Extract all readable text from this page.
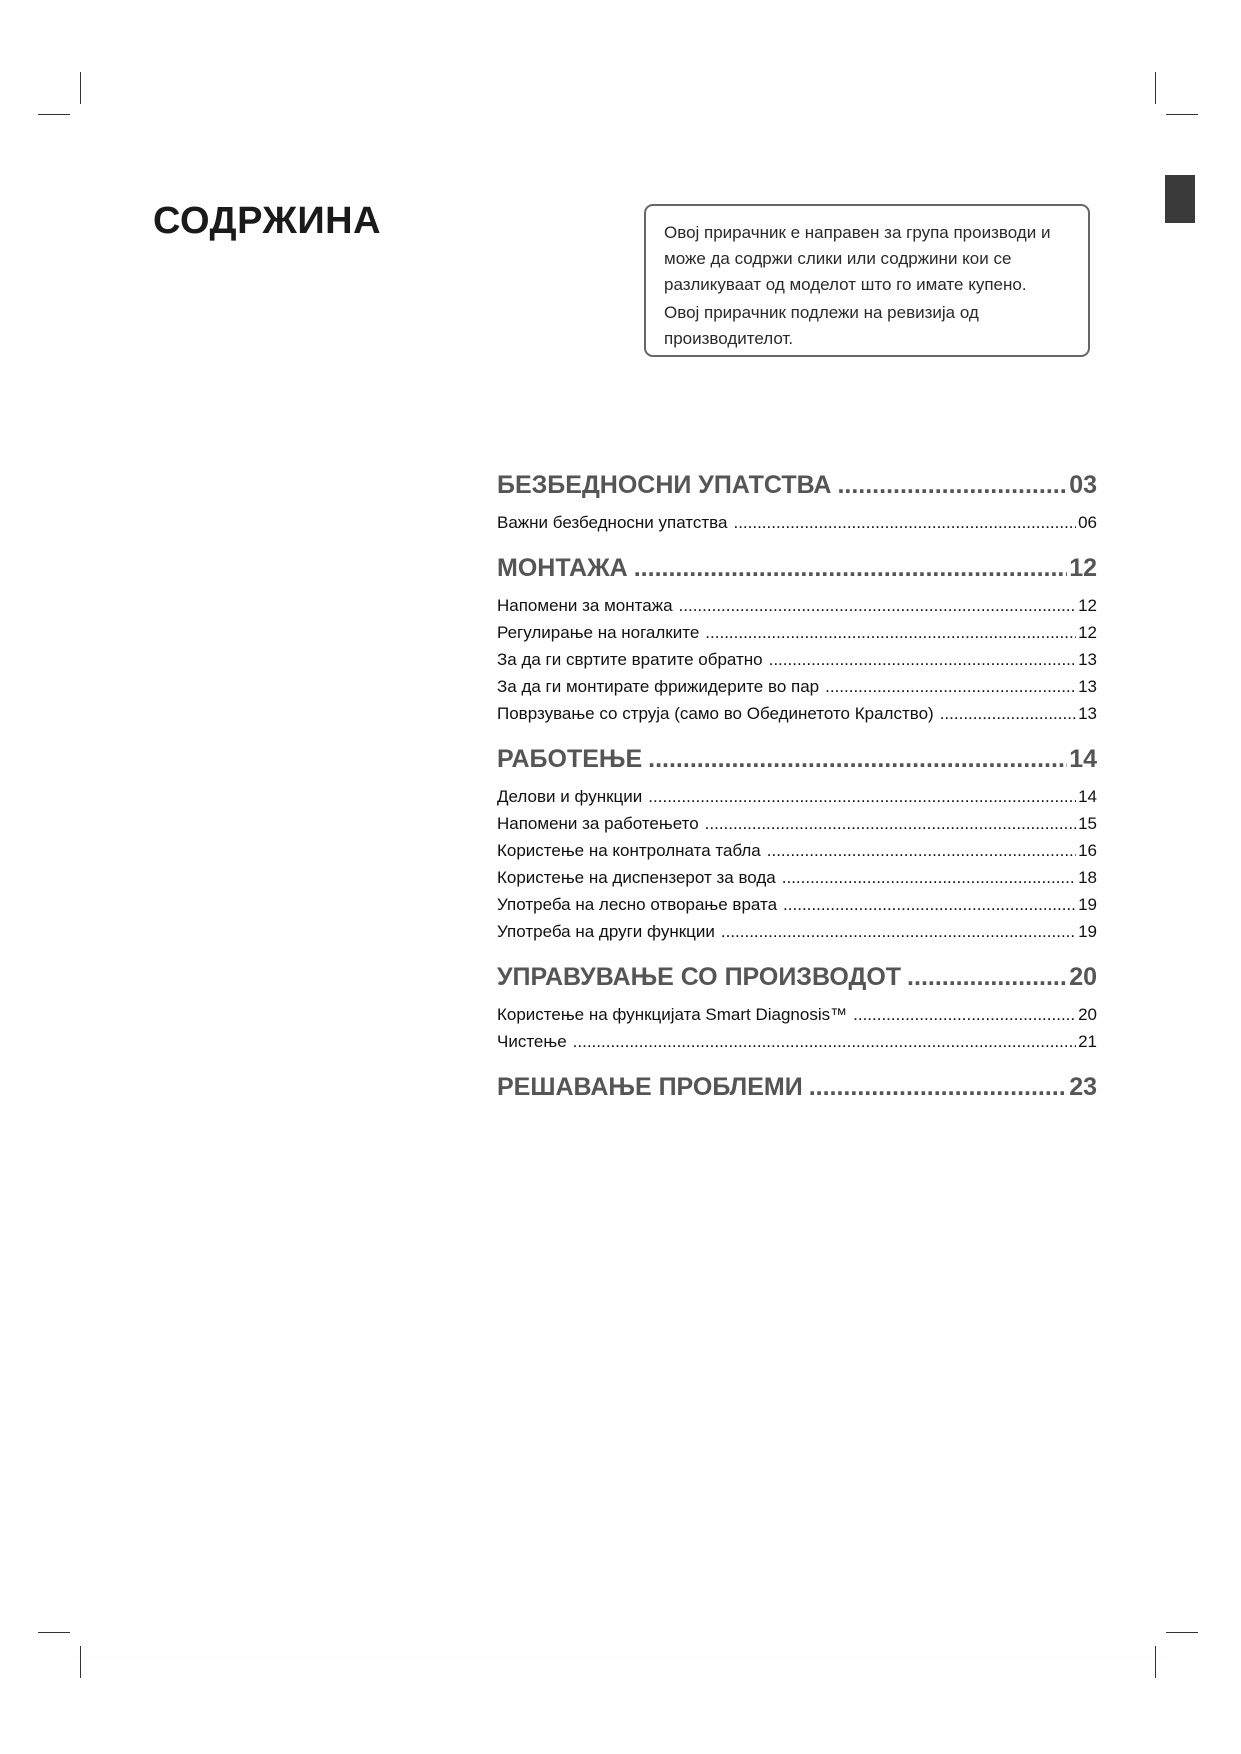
СОДРЖИНА	Овој прирачник е направен за група производи и може да содржи слики или содржини кои се разликуваат од моделот што го имате купено.

Овој прирачник подлежи на ревизија од производителот.

БЕЗБЕДНОСНИ УПАТСТВА .....	03
Важни безбедносни упатства .....	06
МОНТАЖА .....	12
Напомени за монтажа .....	12
Регулирање на ногалките .....	12
За да ги свртите вратите обратно .....	13
За да ги монтирате фрижидерите во пар .....	13
Поврзување со струја (само во Обединетото Кралство) .....	13
РАБОТЕЊЕ .....	14
Делови и функции .....	14
Напомени за работењето .....	15
Користење на контролната табла .....	16
Користење на диспензерот за вода .....	18
Употреба на лесно отворање врата .....	19
Употреба на други функции .....	19
УПРАВУВАЊЕ СО ПРОИЗВОДОТ .....	20
Користење на функцијата Smart Diagnosis™ .....	20
Чистење .....	21
РЕШАВАЊЕ ПРОБЛЕМИ .....	23
